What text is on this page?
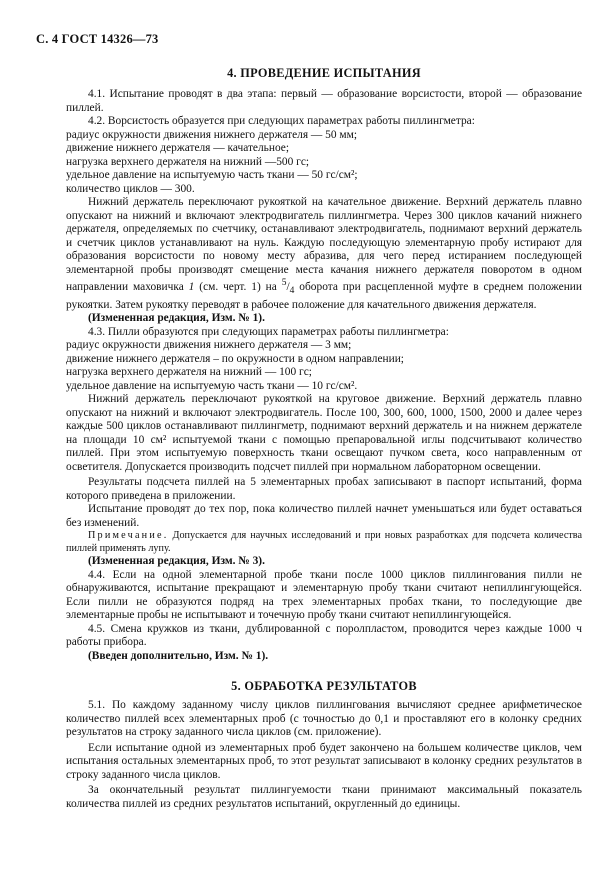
С. 4 ГОСТ 14326—73
4. ПРОВЕДЕНИЕ ИСПЫТАНИЯ

4.1. Испытание проводят в два этапа: первый — образование ворсистости, второй — образование пиллей.

4.2. Ворсистость образуется при следующих параметрах работы пиллингметра:

радиус окружности движения нижнего держателя — 50 мм;

движение нижнего держателя — качательное;

нагрузка верхнего держателя на нижний —500 гс;

удельное давление на испытуемую часть ткани — 50 гс/см²;

количество циклов — 300.

Нижний держатель переключают рукояткой на качательное движение. Верхний держатель плавно опускают на нижний и включают электродвигатель пиллингметра. Через 300 циклов качаний нижнего держателя, определяемых по счетчику, останавливают электродвигатель, поднимают верхний держатель и счетчик циклов устанавливают на нуль. Каждую последующую элементарную пробу истирают для образования ворсистости по новому месту абразива, для чего перед истиранием последующей элементарной пробы производят смещение места качания нижнего держателя поворотом в одном направлении маховичка 1 (см. черт. 1) на $^5/_4$ оборота при расцепленной муфте в среднем положении рукоятки. Затем рукоятку переводят в рабочее положение для качательного движения держателя.

(Измененная редакция, Изм. № 1).

4.3. Пилли образуются при следующих параметрах работы пиллингметра:

радиус окружности движения нижнего держателя — 3 мм;

движение нижнего держателя – по окружности в одном направлении;

нагрузка верхнего держателя на нижний — 100 гс;

удельное давление на испытуемую часть ткани — 10 гс/см².

Нижний держатель переключают рукояткой на круговое движение. Верхний держатель плавно опускают на нижний и включают электродвигатель. После 100, 300, 600, 1000, 1500, 2000 и далее через каждые 500 циклов останавливают пиллингметр, поднимают верхний держатель и на нижнем держателе на площади 10 см² испытуемой ткани с помощью препаровальной иглы подсчитывают количество пиллей. При этом испытуемую поверхность ткани освещают пучком света, косо направленным от осветителя. Допускается производить подсчет пиллей при нормальном лабораторном освещении.

Результаты подсчета пиллей на 5 элементарных пробах записывают в паспорт испытаний, форма которого приведена в приложении.

Испытание проводят до тех пор, пока количество пиллей начнет уменьшаться или будет оставаться без изменений.

Примечание. Допускается для научных исследований и при новых разработках для подсчета количества пиллей применять лупу.

(Измененная редакция, Изм. № 3).

4.4. Если на одной элементарной пробе ткани после 1000 циклов пиллингования пилли не обнаруживаются, испытание прекращают и элементарную пробу ткани считают непиллингующейся. Если пилли не образуются подряд на трех элементарных пробах ткани, то последующие две элементарные пробы не испытывают и точечную пробу ткани считают непиллингующейся.

4.5. Смена кружков из ткани, дублированной с поролпластом, проводится через каждые 1000 ч работы прибора.

(Введен дополнительно, Изм. № 1).

5. ОБРАБОТКА РЕЗУЛЬТАТОВ

5.1. По каждому заданному числу циклов пиллингования вычисляют среднее арифметическое количество пиллей всех элементарных проб (с точностью до 0,1 и проставляют его в колонку средних результатов на строку заданного числа циклов (см. приложение).

Если испытание одной из элементарных проб будет закончено на большем количестве циклов, чем испытания остальных элементарных проб, то этот результат записывают в колонку средних результатов в строку заданного числа циклов.

За окончательный результат пиллингуемости ткани принимают максимальный показатель количества пиллей из средних результатов испытаний, округленный до единицы.
